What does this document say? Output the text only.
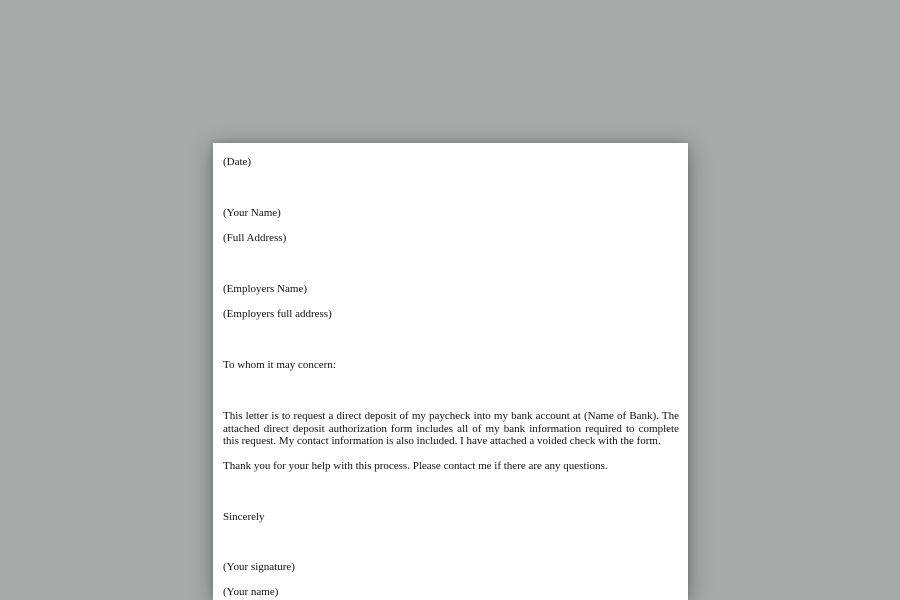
(Date)

(Your Name)

(Full Address)

(Employers Name)

(Employers full address)

To whom it may concern:

This letter is to request a direct deposit of my paycheck into my bank account at (Name of Bank). The attached direct deposit authorization form includes all of my bank information required to complete this request. My contact information is also included. I have attached a voided check with the form.

Thank you for your help with this process. Please contact me if there are any questions.

Sincerely

(Your signature)

(Your name)
